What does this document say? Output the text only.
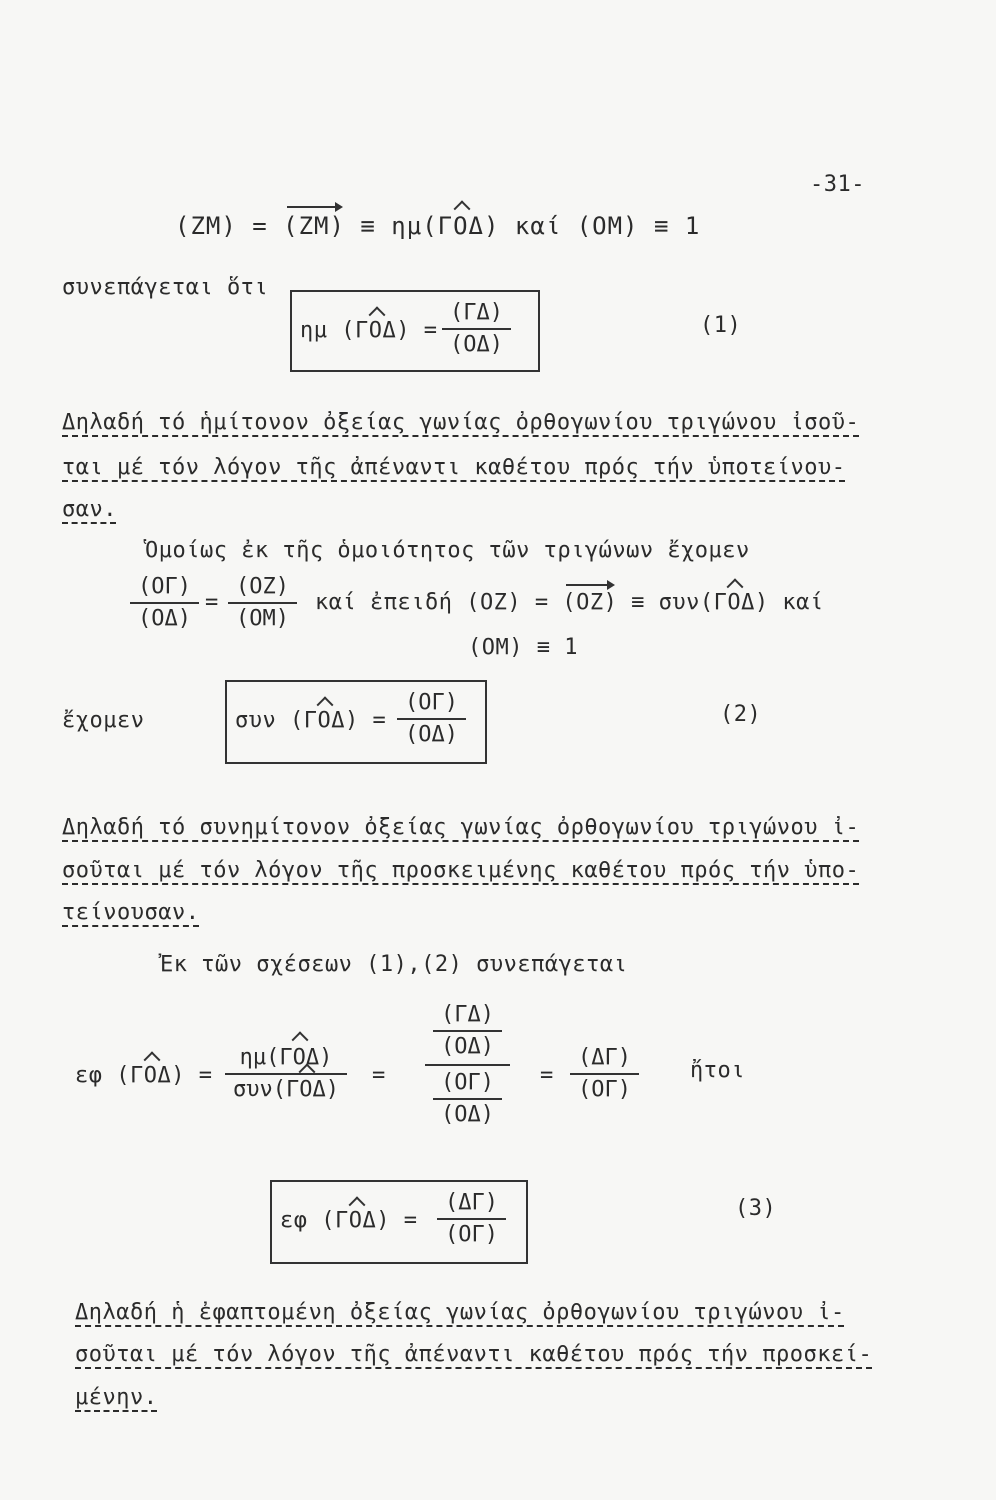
-31-
(ZM) = (ZM) ≡ ημ(ΓΟΔ) καί (ΟΜ) ≡ 1
συνεπάγεται ὅτι
ημ (ΓΟΔ) =
(ΓΔ)
(ΟΔ)
(1)
Δηλαδή τό ἡμίτονον ὀξείας γωνίας ὀρθογωνίου τριγώνου ἰσοῦ-
ται μέ τόν λόγον τῆς ἀπέναντι καθέτου πρός τήν ὑποτείνου-
σαν.
Ὁμοίως ἐκ τῆς ὁμοιότητος τῶν τριγώνων ἔχομεν
(ΟΓ)
(ΟΔ)
=
(ΟΖ)
(ΟΜ)
καί ἐπειδή (ΟΖ) = (ΟΖ) ≡ συν(ΓΟΔ) καί
(ΟΜ) ≡ 1
ἔχομεν	συν (ΓΟΔ) =
(ΟΓ)
(ΟΔ)
(2)
Δηλαδή τό συνημίτονον ὀξείας γωνίας ὀρθογωνίου τριγώνου ἰ-
σοῦται μέ τόν λόγον τῆς προσκειμένης καθέτου πρός τήν ὑπο-
τείνουσαν.
Ἐκ τῶν σχέσεων (1),(2) συνεπάγεται
εφ (ΓΟΔ) =
ημ(ΓΟΔ)
συν(ΓΟΔ)
=
$\frac{(\Gamma\Delta)}{(O\Delta)}$
$\frac{(O\Gamma)}{(O\Delta)}$ =
(ΔΓ)
(ΟΓ)
ἤτοι
εφ (ΓΟΔ) =
(ΔΓ)
(ΟΓ)
(3)
Δηλαδή ἡ ἐφαπτομένη ὀξείας γωνίας ὀρθογωνίου τριγώνου ἰ-
σοῦται μέ τόν λόγον τῆς ἀπέναντι καθέτου πρός τήν προσκεί-
μένην.
